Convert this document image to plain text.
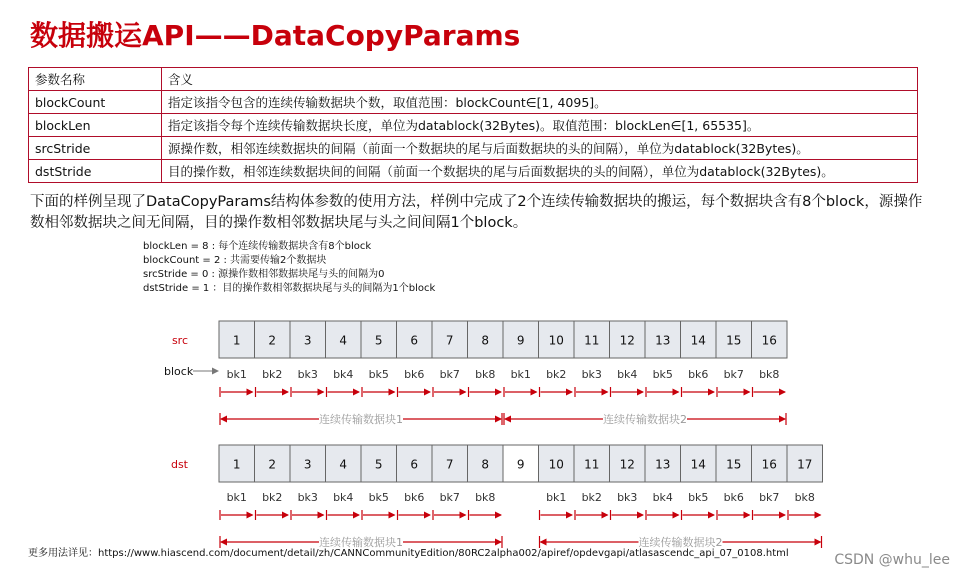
数据搬运API——DataCopyParams
参数名称	含义
blockCount	指定该指令包含的连续传输数据块个数，取值范围：blockCount∈[1, 4095]。
blockLen	指定该指令每个连续传输数据块长度，单位为datablock(32Bytes)。取值范围：blockLen∈[1, 65535]。
srcStride	源操作数，相邻连续数据块的间隔（前面一个数据块的尾与后面数据块的头的间隔），单位为datablock(32Bytes)。
dstStride	目的操作数，相邻连续数据块间的间隔（前面一个数据块的尾与后面数据块的头的间隔），单位为datablock(32Bytes)。
下面的样例呈现了DataCopyParams结构体参数的使用方法，样例中完成了2个连续传输数据块的搬运，每个数据块含有8个block，源操作数相邻数据块之间无间隔，目的操作数相邻数据块尾与头之间间隔1个block。
blockLen = 8 : 每个连续传输数据块含有8个block
blockCount = 2 : 共需要传输2个数据块
srcStride = 0 : 源操作数相邻数据块尾与头的间隔为0
dstStride = 1 ：目的操作数相邻数据块尾与头的间隔为1个block
src
dst
block
1 2 3 4 5 6 7 8 9 10 11 12 13 14 15 16
1 2 3 4 5 6 7 8 9 10 11 12 13 14 15 16 17
bk1 bk2 bk3 bk4 bk5 bk6 bk7 bk8
连续传输数据块1
bk1 bk2 bk3 bk4 bk5 bk6 bk7 bk8
连续传输数据块2
bk1 bk2 bk3 bk4 bk5 bk6 bk7 bk8
连续传输数据块1
bk1 bk2 bk3 bk4 bk5 bk6 bk7 bk8
连续传输数据块2
更多用法详见：https://www.hiascend.com/document/detail/zh/CANNCommunityEdition/80RC2alpha002/apiref/opdevgapi/atlasascendc_api_07_0108.html	CSDN @whu_lee
